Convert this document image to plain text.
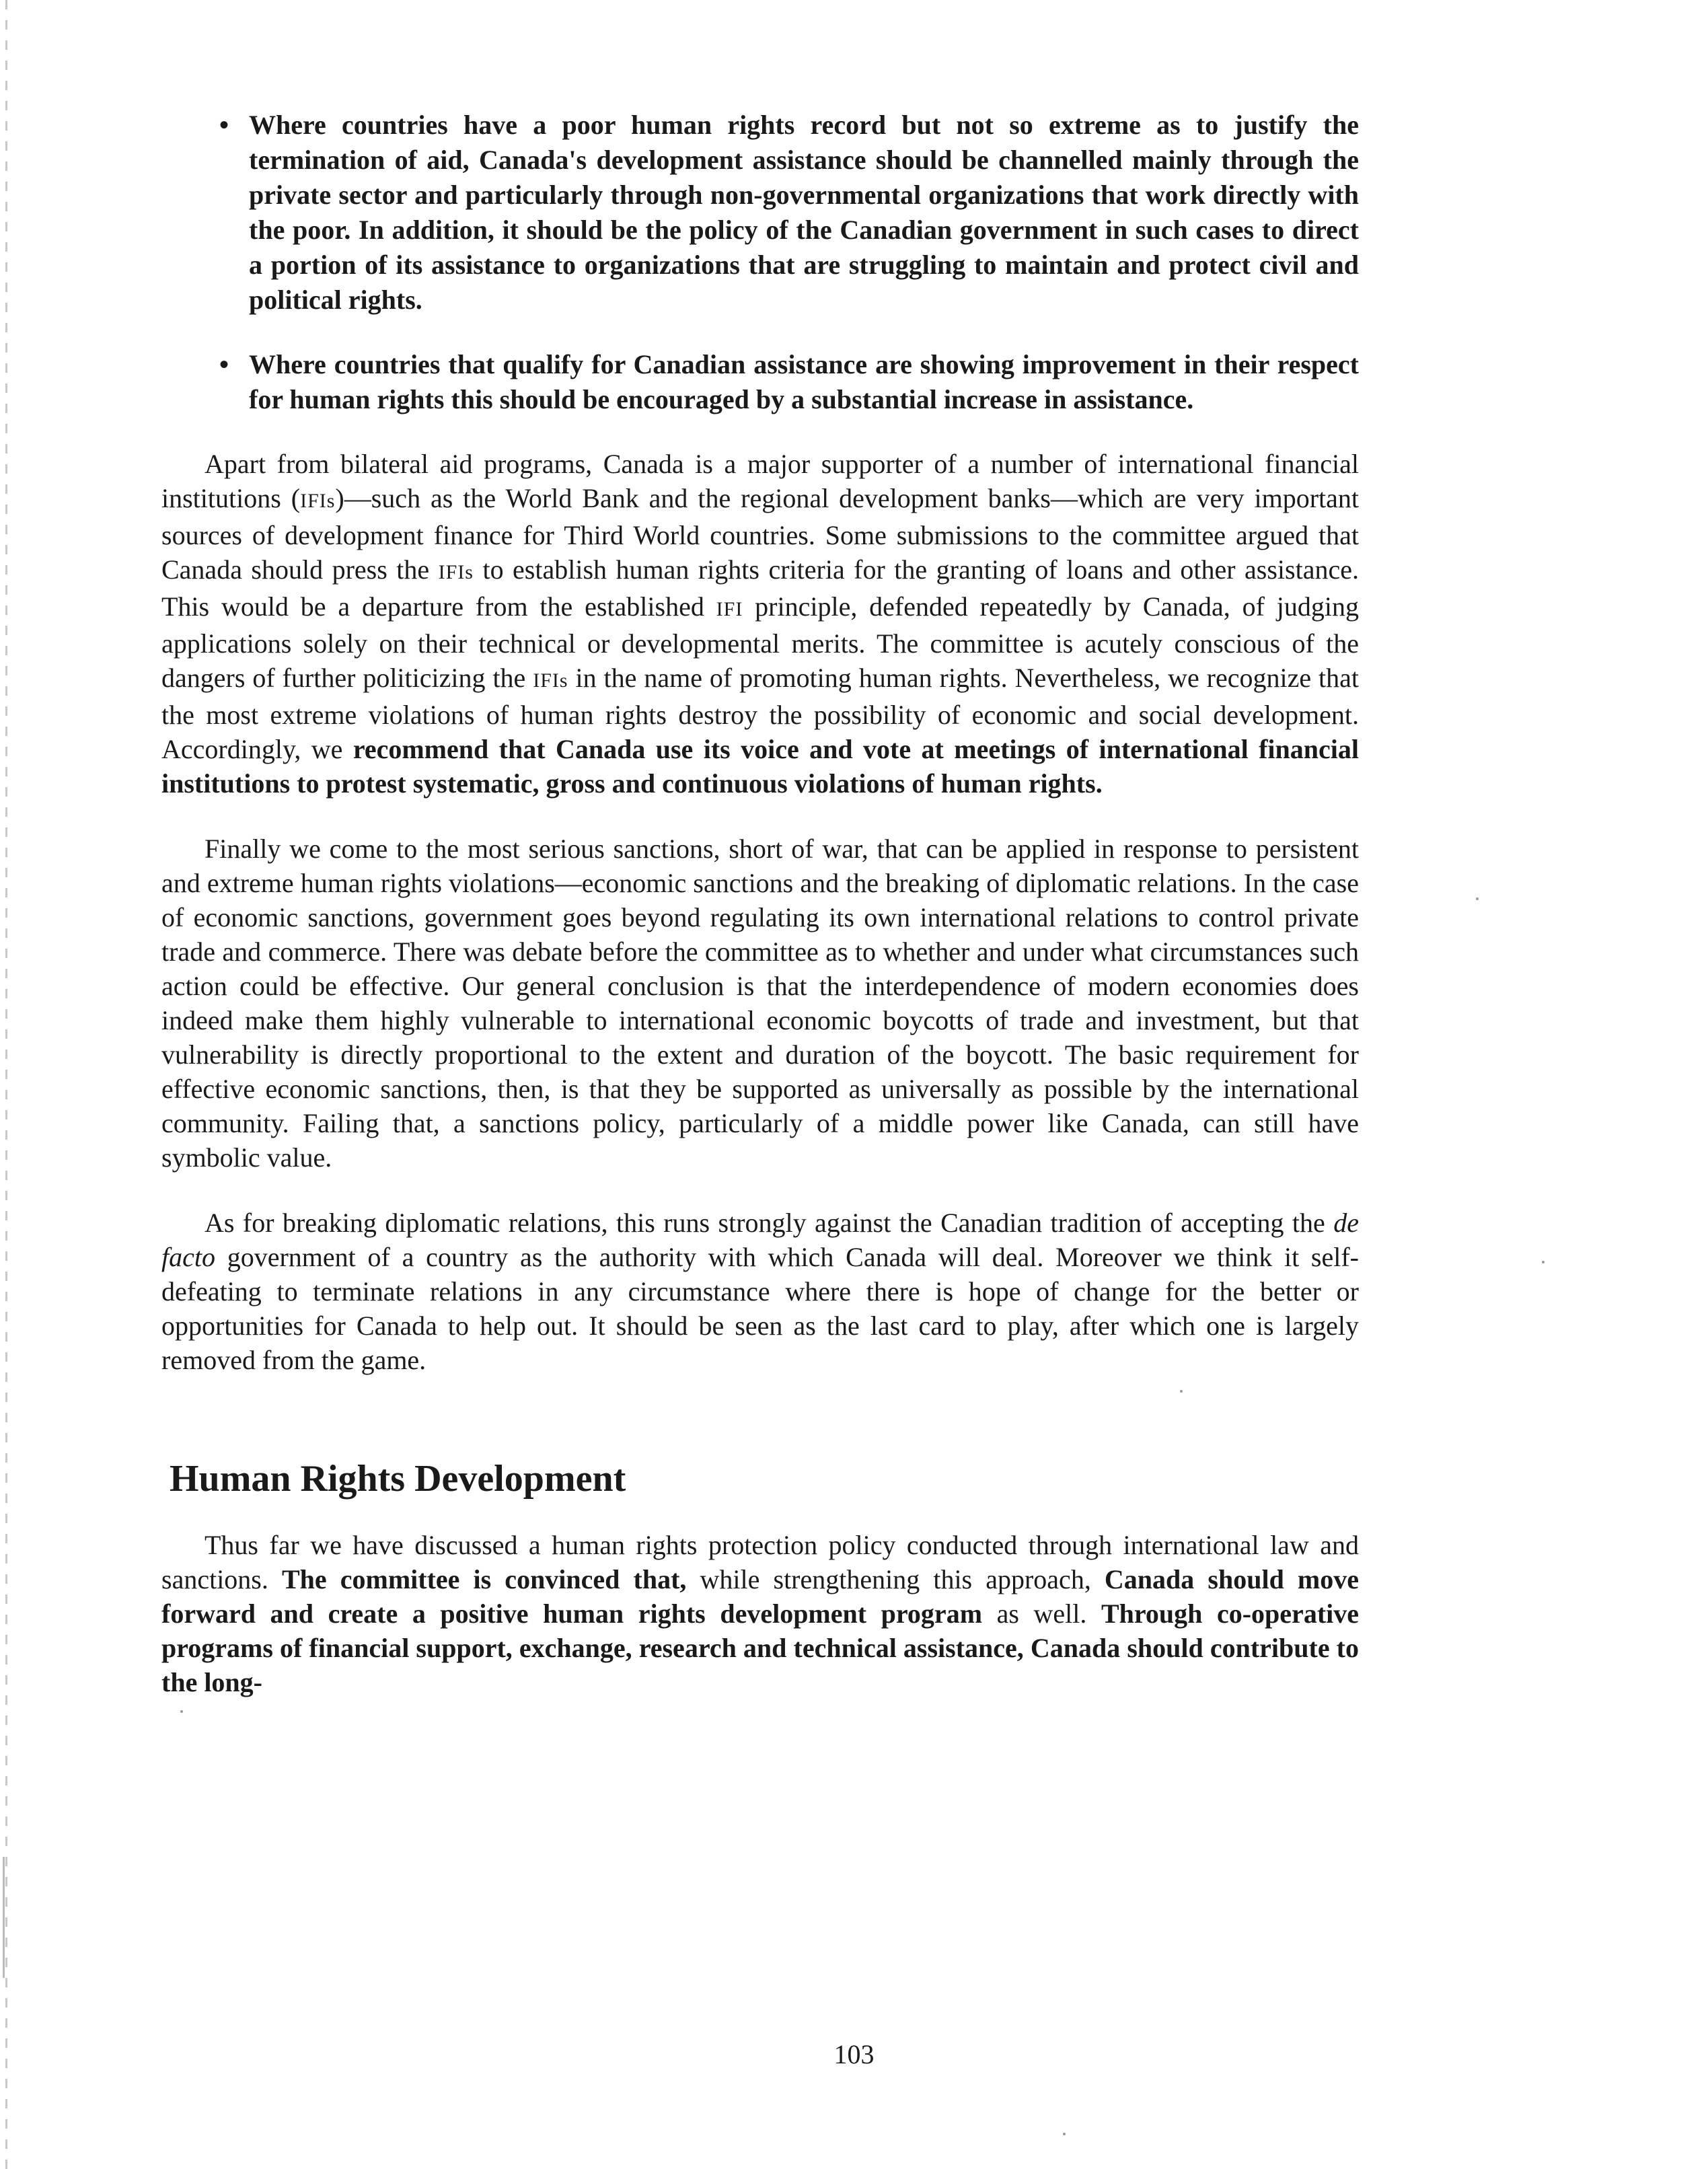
• Where countries have a poor human rights record but not so extreme as to justify the termination of aid, Canada's development assistance should be channelled mainly through the private sector and particularly through non-governmental organizations that work directly with the poor. In addition, it should be the policy of the Canadian government in such cases to direct a portion of its assistance to organizations that are struggling to maintain and protect civil and political rights.
• Where countries that qualify for Canadian assistance are showing improvement in their respect for human rights this should be encouraged by a substantial increase in assistance.

Apart from bilateral aid programs, Canada is a major supporter of a number of international financial institutions (IFIs)—such as the World Bank and the regional development banks—which are very important sources of development finance for Third World countries. Some submissions to the committee argued that Canada should press the IFIs to establish human rights criteria for the granting of loans and other assistance. This would be a departure from the established IFI principle, defended repeatedly by Canada, of judging applications solely on their technical or developmental merits. The committee is acutely conscious of the dangers of further politicizing the IFIs in the name of promoting human rights. Nevertheless, we recognize that the most extreme violations of human rights destroy the possibility of economic and social development. Accordingly, we recommend that Canada use its voice and vote at meetings of international financial institutions to protest systematic, gross and continuous violations of human rights.

Finally we come to the most serious sanctions, short of war, that can be applied in response to persistent and extreme human rights violations—economic sanctions and the breaking of diplomatic relations. In the case of economic sanctions, government goes beyond regulating its own international relations to control private trade and commerce. There was debate before the committee as to whether and under what circumstances such action could be effective. Our general conclusion is that the interdependence of modern economies does indeed make them highly vulnerable to international economic boycotts of trade and investment, but that vulnerability is directly proportional to the extent and duration of the boycott. The basic requirement for effective economic sanctions, then, is that they be supported as universally as possible by the international community. Failing that, a sanctions policy, particularly of a middle power like Canada, can still have symbolic value.

As for breaking diplomatic relations, this runs strongly against the Canadian tradition of accepting the de facto government of a country as the authority with which Canada will deal. Moreover we think it self-defeating to terminate relations in any circumstance where there is hope of change for the better or opportunities for Canada to help out. It should be seen as the last card to play, after which one is largely removed from the game.

Human Rights Development

Thus far we have discussed a human rights protection policy conducted through international law and sanctions. The committee is convinced that, while strengthening this approach, Canada should move forward and create a positive human rights development program as well. Through co-operative programs of financial support, exchange, research and technical assistance, Canada should contribute to the long-

103
